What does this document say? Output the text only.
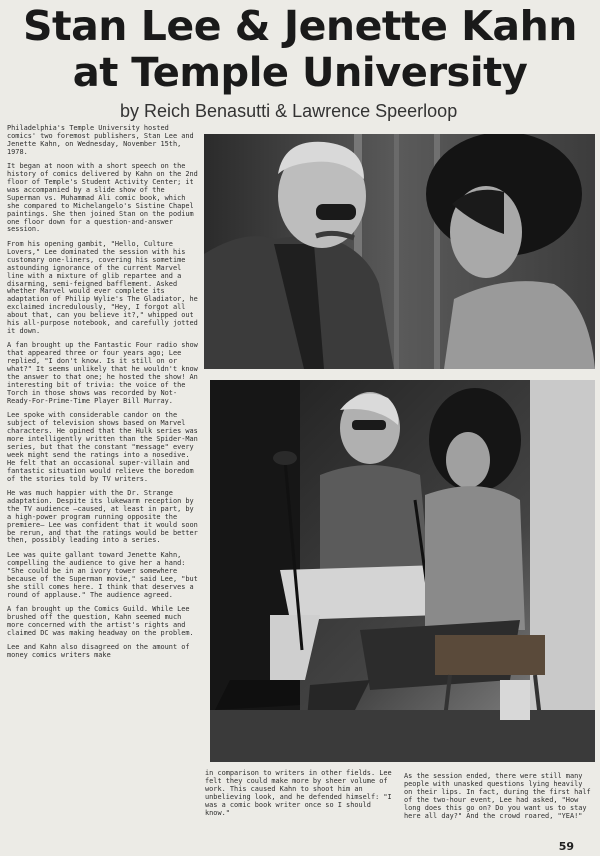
Stan Lee & Jenette Kahn
at Temple University
by Reich Benasutti & Lawrence Speerloop

Philadelphia's Temple University hosted comics' two foremost publishers, Stan Lee and Jenette Kahn, on Wednesday, November 15th, 1978.

It began at noon with a short speech on the history of comics delivered by Kahn on the 2nd floor of Temple's Student Activity Center; it was accompanied by a slide show of the Superman vs. Muhammad Ali comic book, which she compared to Michelangelo's Sistine Chapel paintings. She then joined Stan on the podium one floor down for a question-and-answer session.

From his opening gambit, "Hello, Culture Lovers," Lee dominated the session with his customary one-liners, covering his sometime astounding ignorance of the current Marvel line with a mixture of glib repartee and a disarming, semi-feigned bafflement. Asked whether Marvel would ever complete its adaptation of Philip Wylie's The Gladiator, he exclaimed incredulously, "Hey, I forgot all about that, can you believe it?," whipped out his all-purpose notebook, and carefully jotted it down.

A fan brought up the Fantastic Four radio show that appeared three or four years ago; Lee replied, "I don't know. Is it still on or what?" It seems unlikely that he wouldn't know the answer to that one; he hosted the show! An interesting bit of trivia: the voice of the Torch in those shows was recorded by Not-Ready-For-Prime-Time Player Bill Murray.

Lee spoke with considerable candor on the subject of television shows based on Marvel characters. He opined that the Hulk series was more intelligently written than the Spider-Man series, but that the constant "message" every week might send the ratings into a nosedive. He felt that an occasional super-villain and fantastic situation would relieve the boredom of the stories told by TV writers.

He was much happier with the Dr. Strange adaptation. Despite its lukewarm reception by the TV audience —caused, at least in part, by a high-power program running opposite the premiere— Lee was confident that it would soon be rerun, and that the ratings would be better then, possibly leading into a series.

Lee was quite gallant toward Jenette Kahn, compelling the audience to give her a hand: "She could be in an ivory tower somewhere because of the Superman movie," said Lee, "but she still comes here. I think that deserves a round of applause." The audience agreed.

A fan brought up the Comics Guild. While Lee brushed off the question, Kahn seemed much more concerned with the artist's rights and claimed DC was making headway on the problem.

Lee and Kahn also disagreed on the amount of money comics writers make

in comparison to writers in other fields. Lee felt they could make more by sheer volume of work. This caused Kahn to shoot him an unbelieving look, and he defended himself: "I was a comic book writer once so I should know."

As the session ended, there were still many people with unasked questions lying heavily on their lips. In fact, during the first half of the two-hour event, Lee had asked, "How long does this go on? Do you want us to stay here all day?" And the crowd roared, "YEA!"

59
